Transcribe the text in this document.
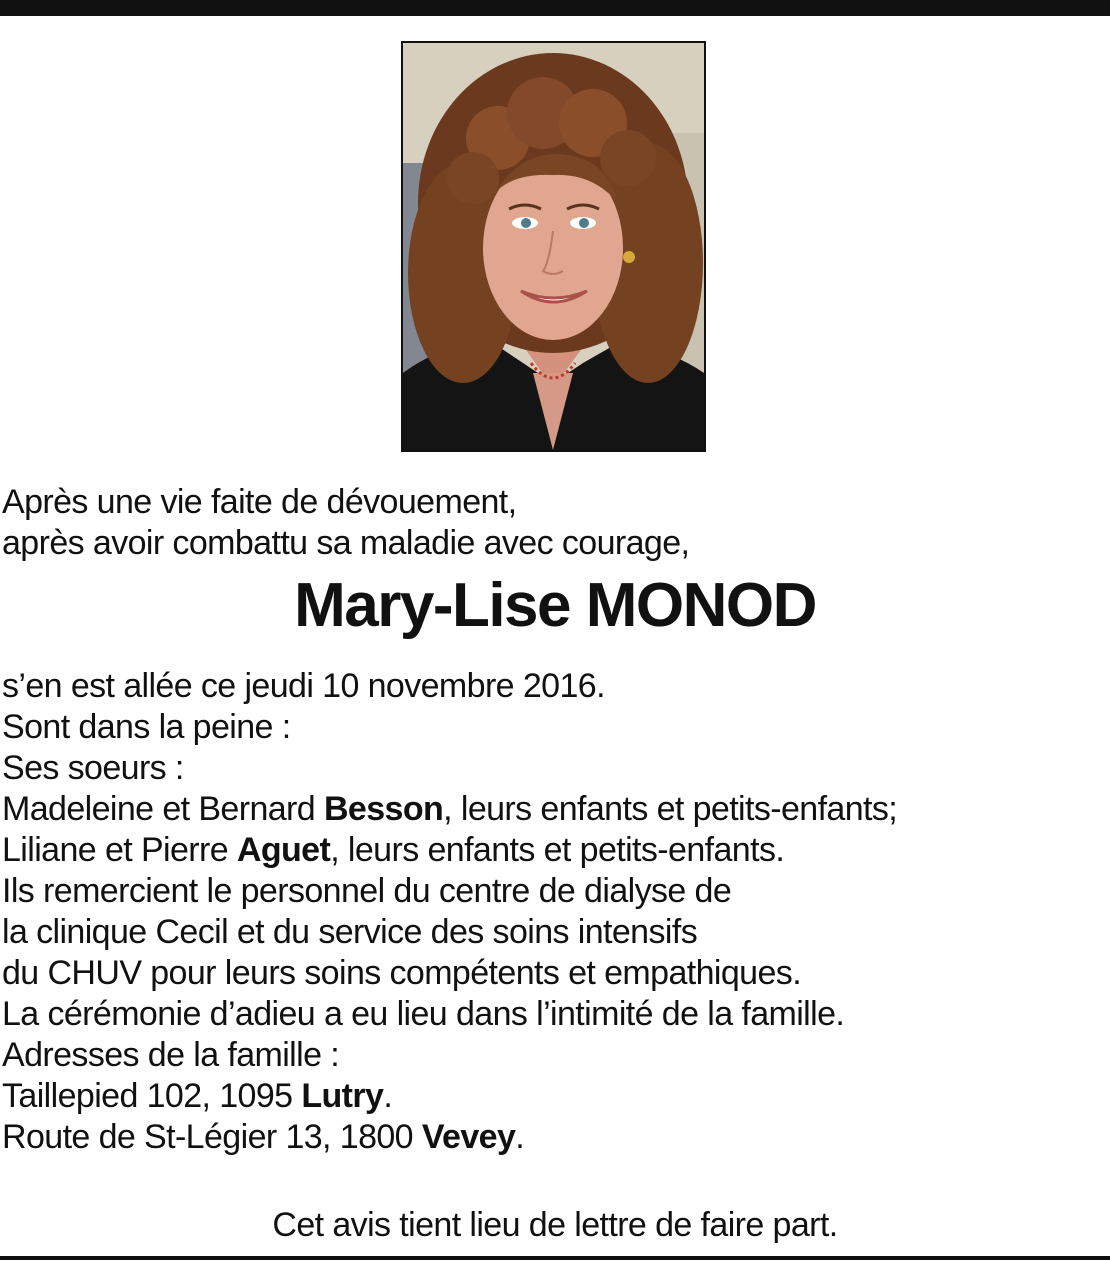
Après une vie faite de dévouement,
après avoir combattu sa maladie avec courage,
Mary-Lise MONOD
s’en est allée ce jeudi 10 novembre 2016.
Sont dans la peine :
Ses soeurs :
Madeleine et Bernard Besson, leurs enfants et petits-enfants;
Liliane et Pierre Aguet, leurs enfants et petits-enfants.
Ils remercient le personnel du centre de dialyse de
la clinique Cecil et du service des soins intensifs
du CHUV pour leurs soins compétents et empathiques.
La cérémonie d’adieu a eu lieu dans l’intimité de la famille.
Adresses de la famille :
Taillepied 102, 1095 Lutry.
Route de St-Légier 13, 1800 Vevey.
Cet avis tient lieu de lettre de faire part.
